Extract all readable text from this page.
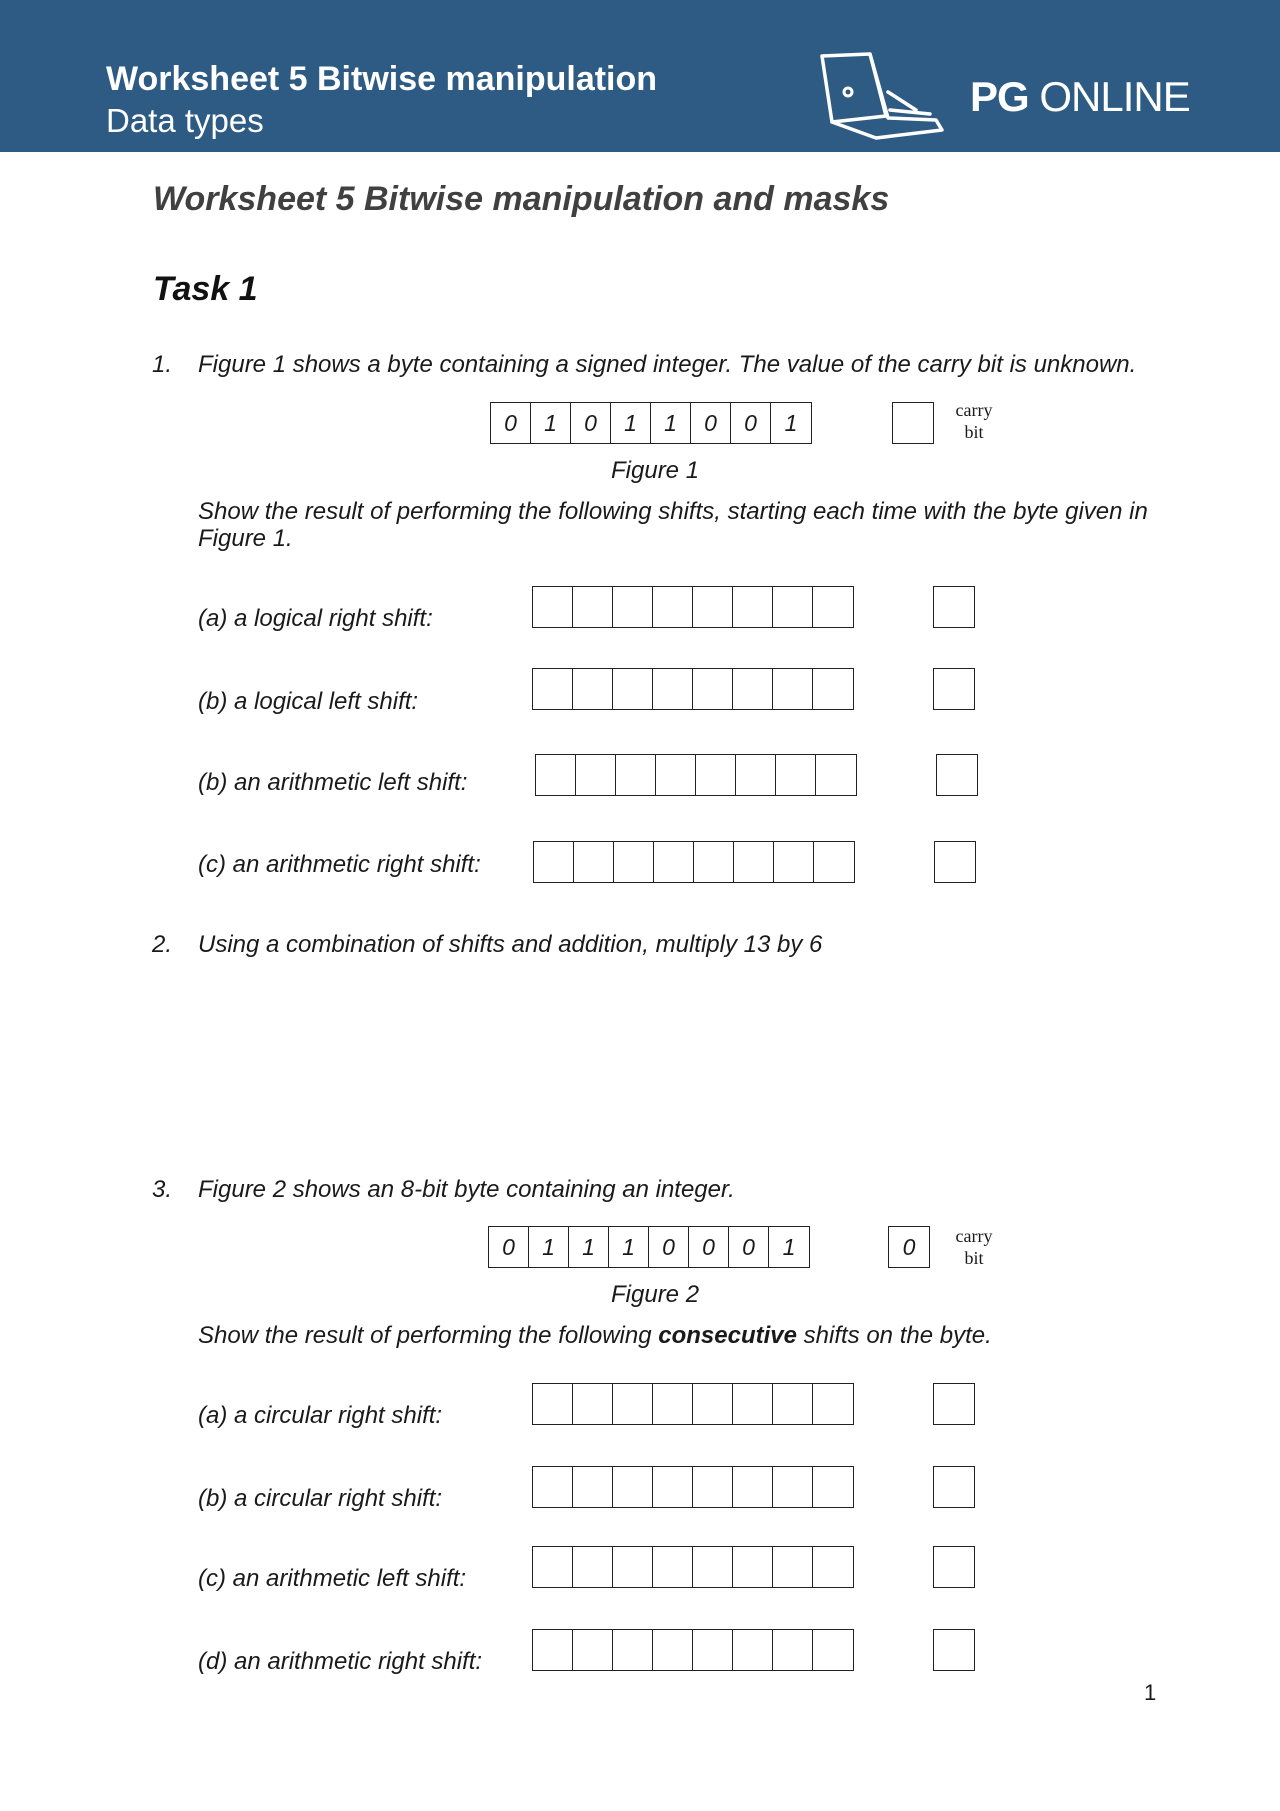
Worksheet 5 Bitwise manipulation
Data types
PG ONLINE
Worksheet 5 Bitwise manipulation and masks
Task 1
1. Figure 1 shows a byte containing a signed integer. The value of the carry bit is unknown.
0	1	0	1	1	0	0	1	carry
bit
Figure 1
Show the result of performing the following shifts, starting each time with the byte given in
Figure 1.
(a) a logical right shift:
(b) a logical left shift:
(b) an arithmetic left shift:
(c) an arithmetic right shift:
2. Using a combination of shifts and addition, multiply 13 by 6
3. Figure 2 shows an 8-bit byte containing an integer.
0	1	1	1	0	0	0	1	0	carry
bit
Figure 2
Show the result of performing the following consecutive shifts on the byte.
(a) a circular right shift:
(b) a circular right shift:
(c) an arithmetic left shift:
(d) an arithmetic right shift:
1
